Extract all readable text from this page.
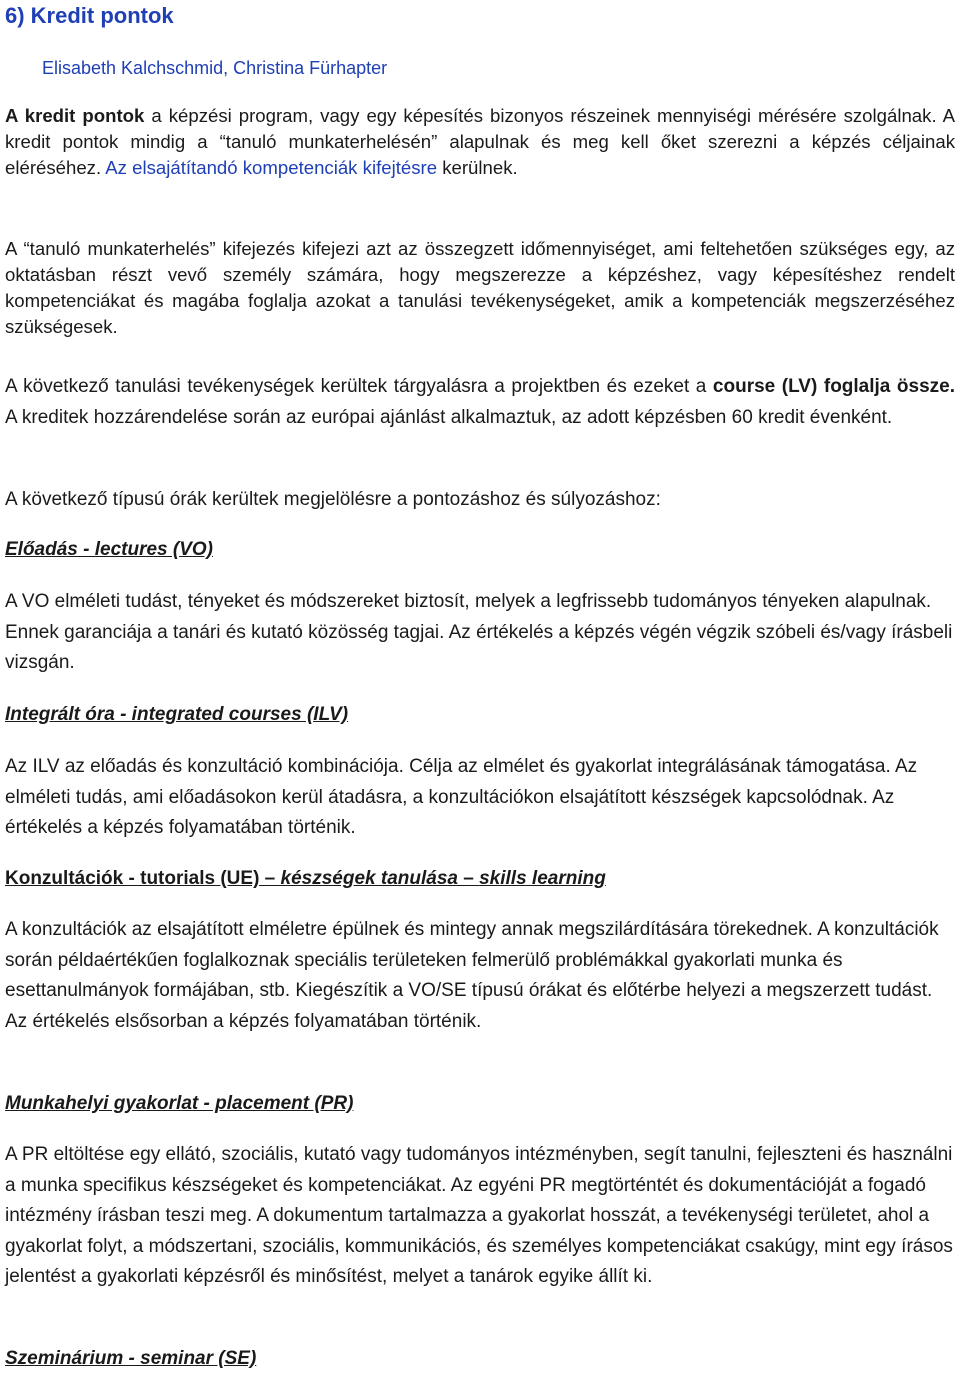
6) Kredit pontok
Elisabeth Kalchschmid, Christina Fürhapter

A kredit pontok a képzési program, vagy egy képesítés bizonyos részeinek mennyiségi mérésére szolgálnak. A kredit pontok mindig a “tanuló munkaterhelésén” alapulnak és meg kell őket szerezni a képzés céljainak eléréséhez. Az elsajátítandó kompetenciák kifejtésre kerülnek.

A “tanuló munkaterhelés” kifejezés kifejezi azt az összegzett időmennyiséget, ami feltehetően szükséges egy, az oktatásban részt vevő személy számára, hogy megszerezze a képzéshez, vagy képesítéshez rendelt kompetenciákat és magába foglalja azokat a tanulási tevékenységeket, amik a kompetenciák megszerzéséhez szükségesek.

A következő tanulási tevékenységek kerültek tárgyalásra a projektben és ezeket a course (LV) foglalja össze. A kreditek hozzárendelése során az európai ajánlást alkalmaztuk, az adott képzésben 60 kredit évenként.

A következő típusú órák kerültek megjelölésre a pontozáshoz és súlyozáshoz:

Előadás - lectures (VO)

A VO elméleti tudást, tényeket és módszereket biztosít, melyek a legfrissebb tudományos tényeken alapulnak. Ennek garanciája a tanári és kutató közösség tagjai. Az értékelés a képzés végén végzik szóbeli és/vagy írásbeli vizsgán.

Integrált óra - integrated courses (ILV)

Az ILV az előadás és konzultáció kombinációja. Célja az elmélet és gyakorlat integrálásának támogatása. Az elméleti tudás, ami előadásokon kerül átadásra, a konzultációkon elsajátított készségek kapcsolódnak. Az értékelés a képzés folyamatában történik.

Konzultációk - tutorials (UE) – készségek tanulása – skills learning

A konzultációk az elsajátított elméletre épülnek és mintegy annak megszilárdítására törekednek. A konzultációk során példaértékűen foglalkoznak speciális területeken felmerülő problémákkal gyakorlati munka és esettanulmányok formájában, stb. Kiegészítik a VO/SE típusú órákat és előtérbe helyezi a megszerzett tudást. Az értékelés elsősorban a képzés folyamatában történik.

Munkahelyi gyakorlat - placement (PR)

A PR eltöltése egy ellátó, szociális, kutató vagy tudományos intézményben, segít tanulni, fejleszteni és használni a munka specifikus készségeket és kompetenciákat. Az egyéni PR megtörténtét és dokumentációját a fogadó intézmény írásban teszi meg. A dokumentum tartalmazza a gyakorlat hosszát, a tevékenységi területet, ahol a gyakorlat folyt, a módszertani, szociális, kommunikációs, és személyes kompetenciákat csakúgy, mint egy írásos jelentést a gyakorlati képzésről és minősítést, melyet a tanárok egyike állít ki.

Szeminárium - seminar (SE)
